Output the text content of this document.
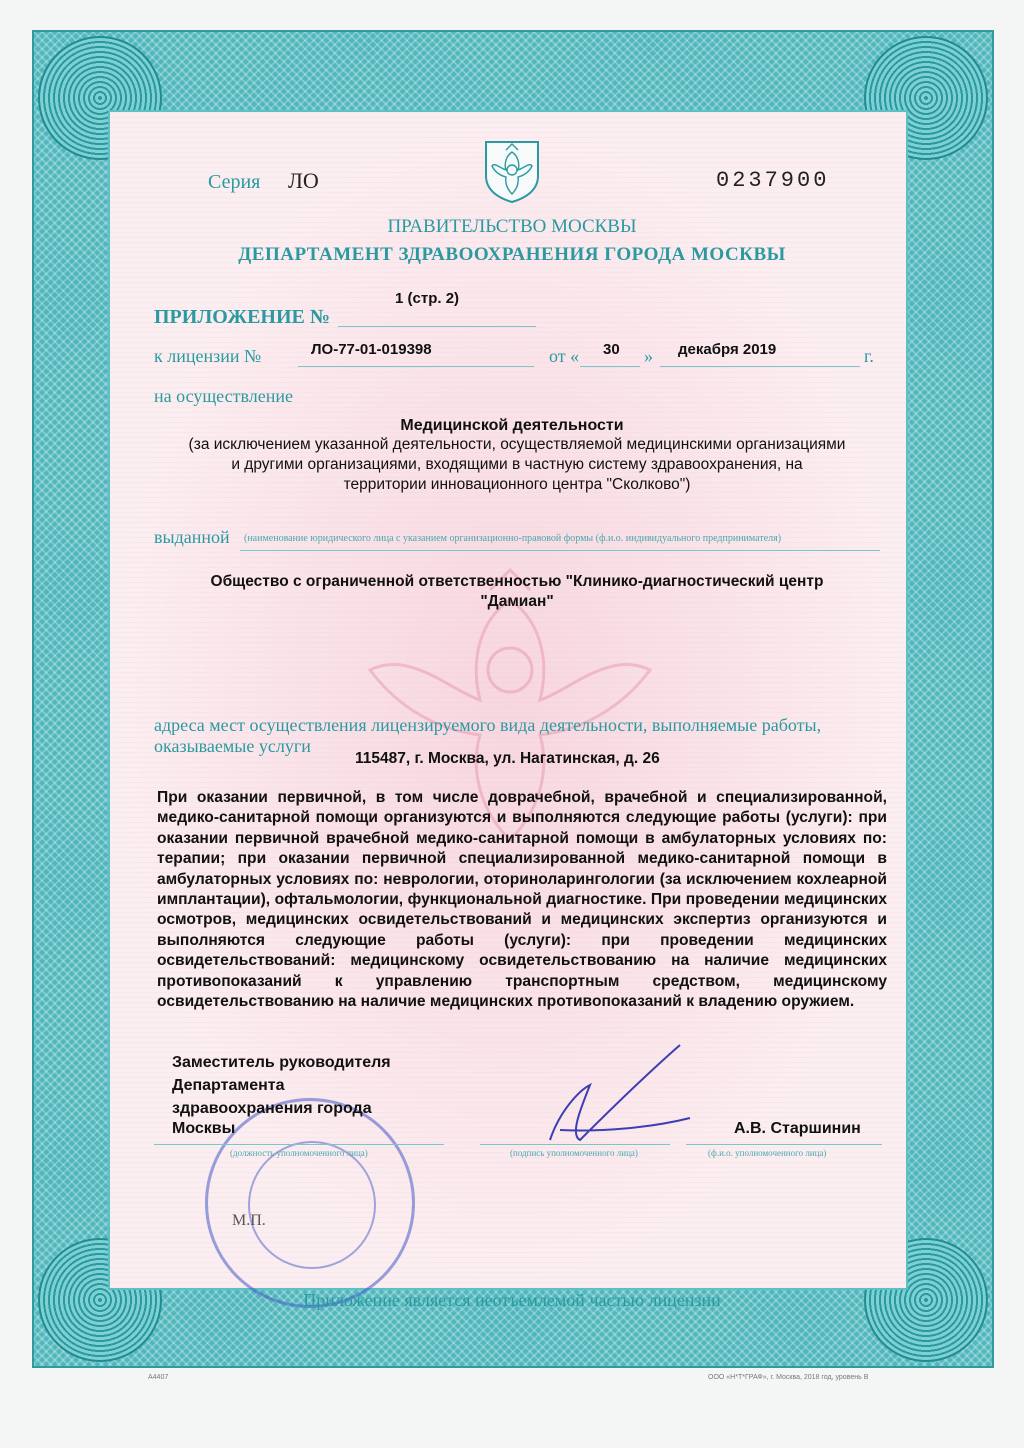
Серия ЛО	0237900
ПРАВИТЕЛЬСТВО МОСКВЫ
ДЕПАРТАМЕНТ ЗДРАВООХРАНЕНИЯ ГОРОДА МОСКВЫ
ПРИЛОЖЕНИЕ №
1 (стр. 2)
к лицензии №	ЛО-77-01-019398	от « 30 » декабря 2019	г.
на осуществление
Медицинской деятельности
(за исключением указанной деятельности, осуществляемой медицинскими организациями
и другими организациями, входящими в частную систему здравоохранения, на
территории инновационного центра "Сколково")
выданной (наименование юридического лица с указанием организационно-правовой формы (ф.и.о. индивидуального предпринимателя)
Общество с ограниченной ответственностью "Клинико-диагностический центр
"Дамиан"
адреса мест осуществления лицензируемого вида деятельности, выполняемые работы,
оказываемые услуги
115487, г. Москва, ул. Нагатинская, д. 26
При оказании первичной, в том числе доврачебной, врачебной и специализированной, медико-санитарной помощи организуются и выполняются следующие работы (услуги): при оказании первичной врачебной медико-санитарной помощи в амбулаторных условиях по: терапии; при оказании первичной специализированной медико-санитарной помощи в амбулаторных условиях по: неврологии, оториноларингологии (за исключением кохлеарной имплантации), офтальмологии, функциональной диагностике. При проведении медицинских осмотров, медицинских освидетельствований и медицинских экспертиз организуются и выполняются следующие работы (услуги): при проведении медицинских освидетельствований: медицинскому освидетельствованию на наличие медицинских противопоказаний к управлению транспортным средством, медицинскому освидетельствованию на наличие медицинских противопоказаний к владению оружием.
Заместитель руководителя
Департамента
здравоохранения города
Москвы	А.В. Старшинин
(должность уполномоченного лица)	(подпись уполномоченного лица)	(ф.и.о. уполномоченного лица)
М.П.
Приложение является неотъемлемой частью лицензии
А4407	ООО «Н*Т*ГРАФ», г. Москва, 2018 год, уровень В
